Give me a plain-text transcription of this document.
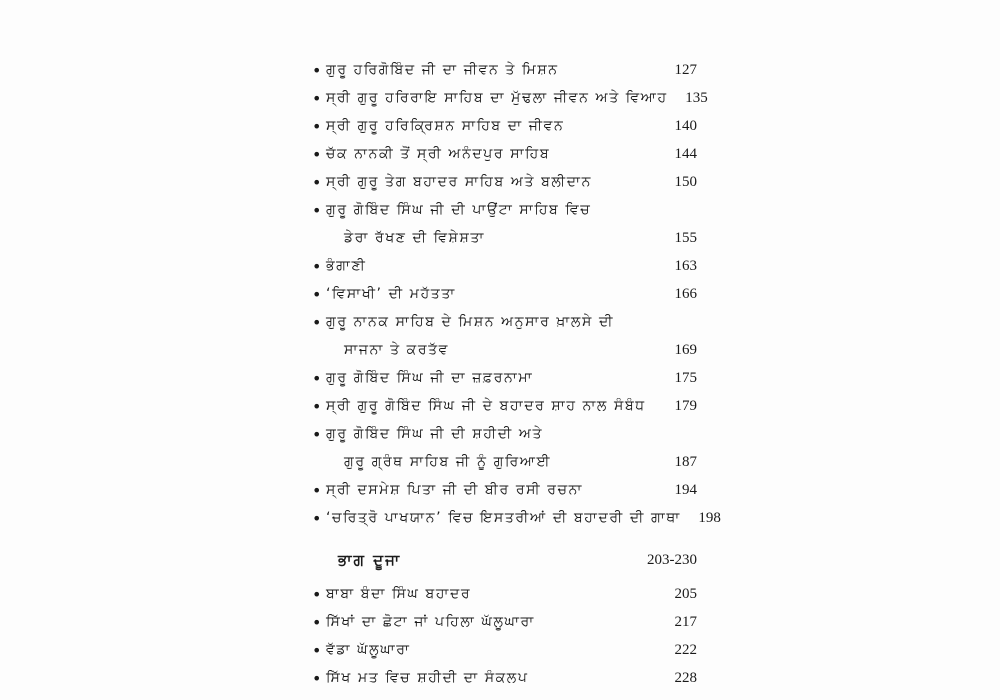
• ਗੁਰੂ ਹਰਿਗੋਬਿੰਦ ਜੀ ਦਾ ਜੀਵਨ ਤੇ ਮਿਸ਼ਨ	127
• ਸ੍ਰੀ ਗੁਰੂ ਹਰਿਰਾਇ ਸਾਹਿਬ ਦਾ ਮੁੱਢਲਾ ਜੀਵਨ ਅਤੇ ਵਿਆਹ	135
• ਸ੍ਰੀ ਗੁਰੂ ਹਰਿਕ੍ਰਿਸ਼ਨ ਸਾਹਿਬ ਦਾ ਜੀਵਨ	140
• ਚੱਕ ਨਾਨਕੀ ਤੋਂ ਸ੍ਰੀ ਅਨੰਦਪੁਰ ਸਾਹਿਬ	144
• ਸ੍ਰੀ ਗੁਰੂ ਤੇਗ ਬਹਾਦਰ ਸਾਹਿਬ ਅਤੇ ਬਲੀਦਾਨ	150
• ਗੁਰੂ ਗੋਬਿੰਦ ਸਿੰਘ ਜੀ ਦੀ ਪਾਉਂਟਾ ਸਾਹਿਬ ਵਿਚ
ਡੇਰਾ ਰੱਖਣ ਦੀ ਵਿਸ਼ੇਸ਼ਤਾ	155
• ਭੰਗਾਣੀ	163
• ‘ਵਿਸਾਖੀ’ ਦੀ ਮਹੱਤਤਾ	166
• ਗੁਰੂ ਨਾਨਕ ਸਾਹਿਬ ਦੇ ਮਿਸ਼ਨ ਅਨੁਸਾਰ ਖ਼ਾਲਸੇ ਦੀ
ਸਾਜਨਾ ਤੇ ਕਰਤੱਵ	169
• ਗੁਰੂ ਗੋਬਿੰਦ ਸਿੰਘ ਜੀ ਦਾ ਜ਼ਫ਼ਰਨਾਮਾ	175
• ਸ੍ਰੀ ਗੁਰੂ ਗੋਬਿੰਦ ਸਿੰਘ ਜੀ ਦੇ ਬਹਾਦਰ ਸ਼ਾਹ ਨਾਲ ਸੰਬੰਧ	179
• ਗੁਰੂ ਗੋਬਿੰਦ ਸਿੰਘ ਜੀ ਦੀ ਸ਼ਹੀਦੀ ਅਤੇ
ਗੁਰੂ ਗ੍ਰੰਥ ਸਾਹਿਬ ਜੀ ਨੂੰ ਗੁਰਿਆਈ	187
• ਸ੍ਰੀ ਦਸਮੇਸ਼ ਪਿਤਾ ਜੀ ਦੀ ਬੀਰ ਰਸੀ ਰਚਨਾ	194
• ‘ਚਰਿਤ੍ਰੋ ਪਾਖਯਾਨ’ ਵਿਚ ਇਸਤਰੀਆਂ ਦੀ ਬਹਾਦਰੀ ਦੀ ਗਾਥਾ	198
ਭਾਗ ਦੂਜਾ	203-230
• ਬਾਬਾ ਬੰਦਾ ਸਿੰਘ ਬਹਾਦਰ	205
• ਸਿੱਖਾਂ ਦਾ ਛੋਟਾ ਜਾਂ ਪਹਿਲਾ ਘੱਲੂਘਾਰਾ	217
• ਵੱਡਾ ਘੱਲੂਘਾਰਾ	222
• ਸਿੱਖ ਮਤ ਵਿਚ ਸ਼ਹੀਦੀ ਦਾ ਸੰਕਲਪ	228
